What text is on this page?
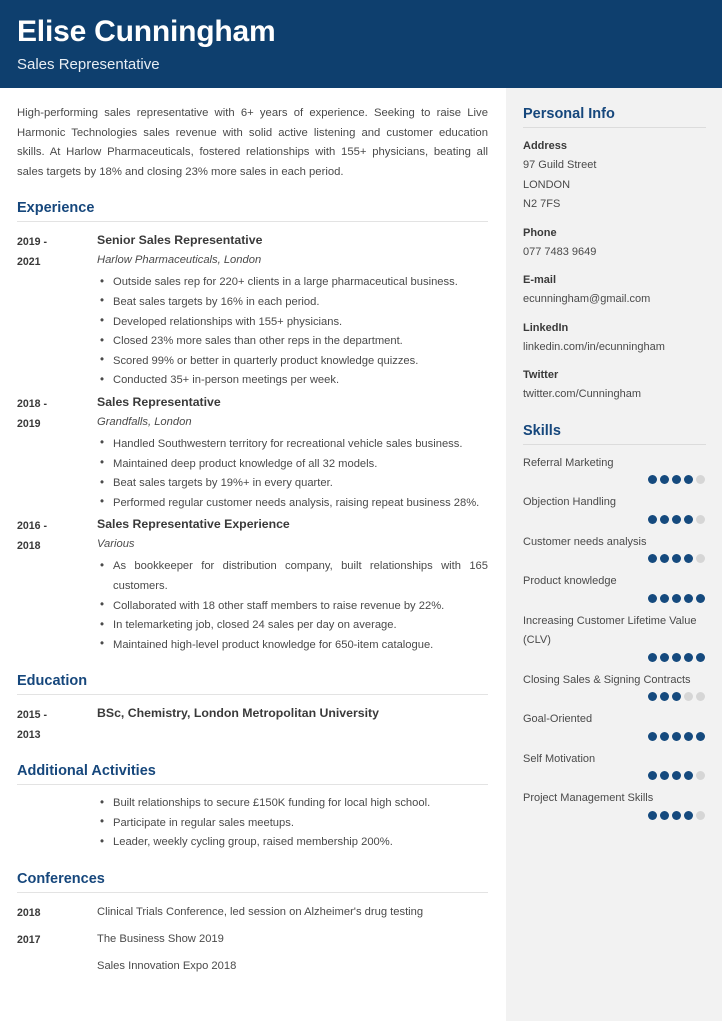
Elise Cunningham
Sales Representative

High-performing sales representative with 6+ years of experience. Seeking to raise Live Harmonic Technologies sales revenue with solid active listening and customer education skills. At Harlow Pharmaceuticals, fostered relationships with 155+ physicians, beating all sales targets by 18% and closing 23% more sales in each period.

Experience
2019 -
2021

Senior Sales Representative

Harlow Pharmaceuticals, London

• Outside sales rep for 220+ clients in a large pharmaceutical business.
• Beat sales targets by 16% in each period.
• Developed relationships with 155+ physicians.
• Closed 23% more sales than other reps in the department.
• Scored 99% or better in quarterly product knowledge quizzes.
• Conducted 35+ in-person meetings per week.
2018 -
2019

Sales Representative

Grandfalls, London

• Handled Southwestern territory for recreational vehicle sales business.
• Maintained deep product knowledge of all 32 models.
• Beat sales targets by 19%+ in every quarter.
• Performed regular customer needs analysis, raising repeat business 28%.
2016 -
2018

Sales Representative Experience

Various

• As bookkeeper for distribution company, built relationships with 165 customers.
• Collaborated with 18 other staff members to raise revenue by 22%.
• In telemarketing job, closed 24 sales per day on average.
• Maintained high-level product knowledge for 650-item catalogue.
Education
2015 -
2013

BSc, Chemistry, London Metropolitan University

Additional Activities
• Built relationships to secure £150K funding for local high school.
• Participate in regular sales meetups.
• Leader, weekly cycling group, raised membership 200%.
Conferences
2018	Clinical Trials Conference, led session on Alzheimer's drug testing

2017	The Business Show 2019

Sales Innovation Expo 2018

Personal Info

Address

97 Guild Street

LONDON

N2 7FS

Phone

077 7483 9649

E-mail

ecunningham@gmail.com

LinkedIn

linkedin.com/in/ecunningham

Twitter

twitter.com/Cunningham

Skills

Referral Marketing

Objection Handling

Customer needs analysis

Product knowledge

Increasing Customer Lifetime Value (CLV)

Closing Sales & Signing Contracts

Goal-Oriented

Self Motivation

Project Management Skills
